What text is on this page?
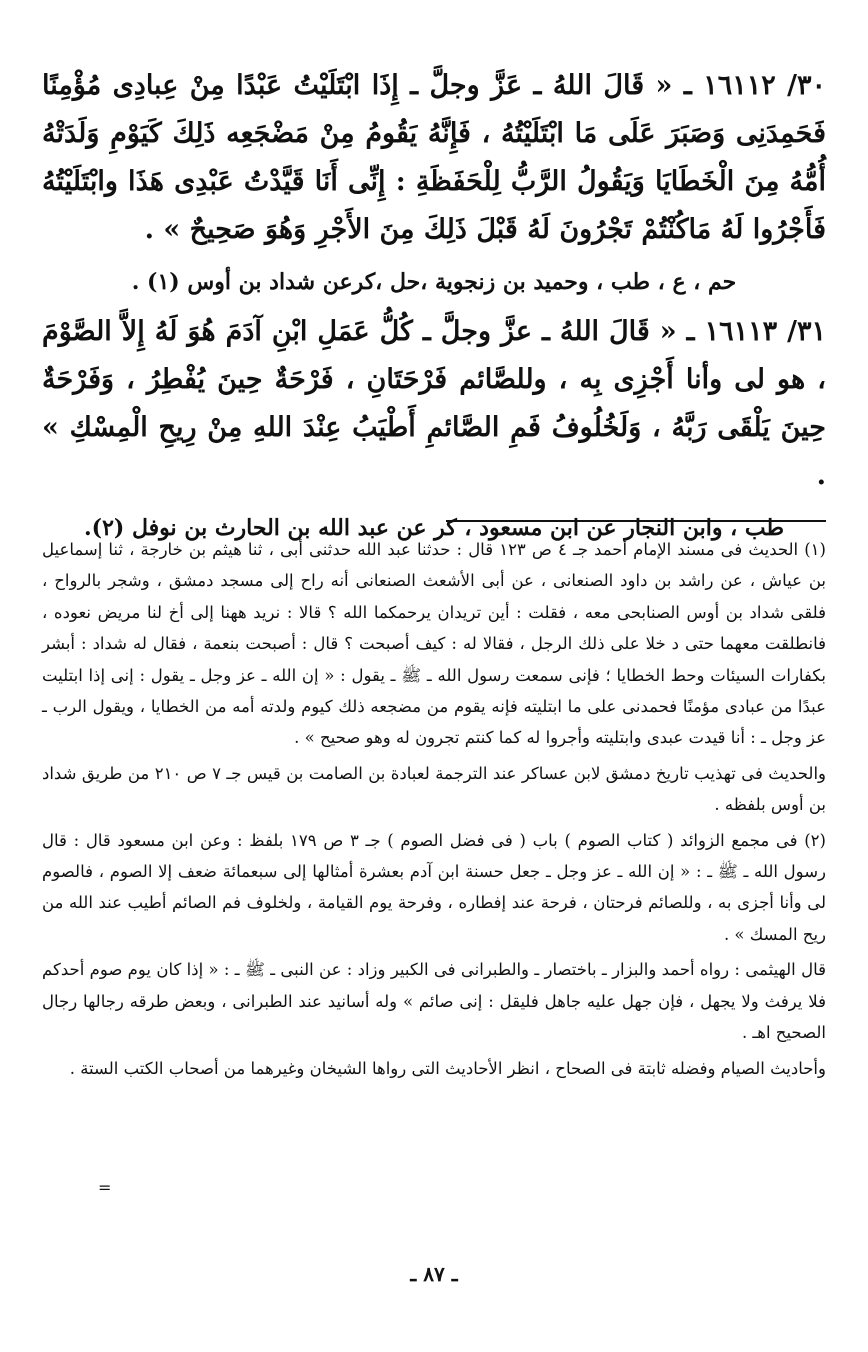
٣٠/ ١٦١١٢ ـ « قَالَ اللهُ ـ عَزَّ وجلَّ ـ إِذَا ابْتَلَيْتُ عَبْدًا مِنْ عِبادِى مُؤْمِنًا فَحَمِدَنِى وَصَبَرَ عَلَى مَا ابْتَلَيْتُهُ ، فَإِنَّهُ يَقُومُ مِنْ مَضْجَعِه ذَلِكَ كَيَوْمِ وَلَدَتْهُ أُمُّهُ مِنَ الْخَطَايَا وَيَقُولُ الرَّبُّ لِلْحَفَظَةِ : إِنِّى أَنَا قَيَّدْتُ عَبْدِى هَذَا وابْتَلَيْتُهُ فَأَجْرُوا لَهُ مَاكُنْتُمْ تَجْرُونَ لَهُ قَبْلَ ذَلِكَ مِنَ الأَجْرِ وَهُوَ صَحِيحٌ » .

حم ، ع ، طب ، وحميد بن زنجوية ،حل ،كرعن شداد بن أوس (١) .

٣١/ ١٦١١٣ ـ « قَالَ اللهُ ـ عزَّ وجلَّ ـ كُلُّ عَمَلِ ابْنِ آدَمَ هُوَ لَهُ إِلاَّ الصَّوْمَ ، هو لى وأنا أَجْزِى بِه ، وللصَّائم فَرْحَتَانِ ، فَرْحَةٌ حِينَ يُفْطِرُ ، وَفَرْحَةٌ حِينَ يَلْقَى رَبَّهُ ، وَلَخُلُوفُ فَمِ الصَّائمِ أَطْيَبُ عِنْدَ اللهِ مِنْ رِيحِ الْمِسْكِ » .

طب ، وابن النجار عن ابن مسعود ، كر عن عبد الله بن الحارث بن نوفل (٢).

(١) الحديث فى مسند الإمام أحمد جـ ٤ ص ١٢٣ قال : حدثنا عبد الله حدثنى أبى ، ثنا هيثم بن خارجة ، ثنا إسماعيل بن عياش ، عن راشد بن داود الصنعانى ، عن أبى الأشعث الصنعانى أنه راح إلى مسجد دمشق ، وشجر بالرواح ، فلقى شداد بن أوس الصنابحى معه ، فقلت : أين تريدان يرحمكما الله ؟ قالا : نريد ههنا إلى أخ لنا مريض نعوده ، فانطلقت معهما حتى د خلا على ذلك الرجل ، فقالا له : كيف أصبحت ؟ قال : أصبحت بنعمة ، فقال له شداد : أبشر بكفارات السيئات وحط الخطايا ؛ فإنى سمعت رسول الله ـ ﷺ ـ يقول : « إن الله ـ عز وجل ـ يقول : إنى إذا ابتليت عبدًا من عبادى مؤمنًا فحمدنى على ما ابتليته فإنه يقوم من مضجعه ذلك كيوم ولدته أمه من الخطايا ، ويقول الرب ـ عز وجل ـ : أنا قيدت عبدى وابتليته وأجروا له كما كنتم تجرون له وهو صحيح » .

والحديث فى تهذيب تاريخ دمشق لابن عساكر عند الترجمة لعبادة بن الصامت بن قيس جـ ٧ ص ٢١٠ من طريق شداد بن أوس بلفظه .

(٢) فى مجمع الزوائد ( كتاب الصوم ) باب ( فى فضل الصوم ) جـ ٣ ص ١٧٩ بلفظ : وعن ابن مسعود قال : قال رسول الله ـ ﷺ ـ : « إن الله ـ عز وجل ـ جعل حسنة ابن آدم بعشرة أمثالها إلى سبعمائة ضعف إلا الصوم ، فالصوم لى وأنا أجزى به ، وللصائم فرحتان ، فرحة عند إفطاره ، وفرحة يوم القيامة ، ولخلوف فم الصائم أطيب عند الله من ريح المسك » .

قال الهيثمى : رواه أحمد والبزار ـ باختصار ـ والطبرانى فى الكبير وزاد : عن النبى ـ ﷺ ـ : « إذا كان يوم صوم أحدكم فلا يرفث ولا يجهل ، فإن جهل عليه جاهل فليقل : إنى صائم » وله أسانيد عند الطبرانى ، وبعض طرقه رجالها رجال الصحيح اهـ .

وأحاديث الصيام وفضله ثابتة فى الصحاح ، انظر الأحاديث التى رواها الشيخان وغيرهما من أصحاب الكتب الستة .

=
ـ ٨٧ ـ
